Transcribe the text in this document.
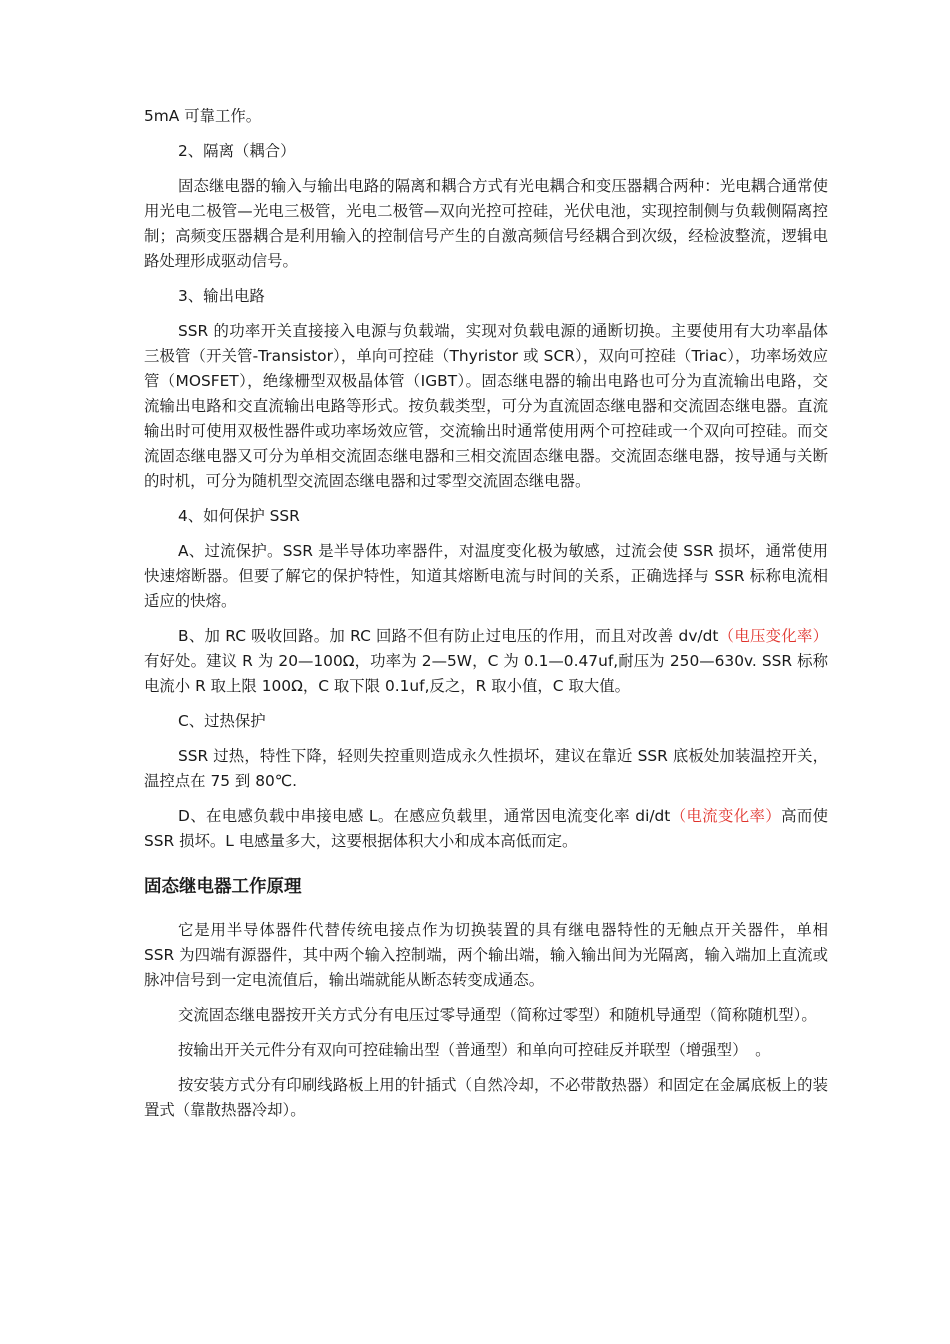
5mA 可靠工作。

2、隔离（耦合）

固态继电器的输入与输出电路的隔离和耦合方式有光电耦合和变压器耦合两种：光电耦合通常使用光电二极管—光电三极管，光电二极管—双向光控可控硅，光伏电池，实现控制侧与负载侧隔离控制；高频变压器耦合是利用输入的控制信号产生的自激高频信号经耦合到次级，经检波整流，逻辑电路处理形成驱动信号。

3、输出电路

SSR 的功率开关直接接入电源与负载端，实现对负载电源的通断切换。主要使用有大功率晶体三极管（开关管-Transistor），单向可控硅（Thyristor 或 SCR），双向可控硅（Triac），功率场效应管（MOSFET），绝缘栅型双极晶体管（IGBT）。固态继电器的输出电路也可分为直流输出电路，交流输出电路和交直流输出电路等形式。按负载类型，可分为直流固态继电器和交流固态继电器。直流输出时可使用双极性器件或功率场效应管，交流输出时通常使用两个可控硅或一个双向可控硅。而交流固态继电器又可分为单相交流固态继电器和三相交流固态继电器。交流固态继电器，按导通与关断的时机，可分为随机型交流固态继电器和过零型交流固态继电器。

4、如何保护 SSR

A、过流保护。SSR 是半导体功率器件，对温度变化极为敏感，过流会使 SSR 损坏，通常使用快速熔断器。但要了解它的保护特性，知道其熔断电流与时间的关系，正确选择与 SSR 标称电流相适应的快熔。

B、加 RC 吸收回路。加 RC 回路不但有防止过电压的作用，而且对改善 dv/dt（电压变化率）有好处。建议 R 为 20—100Ω，功率为 2—5W，C 为 0.1—0.47uf,耐压为 250—630v. SSR 标称电流小 R 取上限 100Ω，C 取下限 0.1uf,反之，R 取小值，C 取大值。

C、过热保护

SSR 过热，特性下降，轻则失控重则造成永久性损坏，建议在靠近 SSR 底板处加装温控开关，温控点在 75 到 80℃.

D、在电感负载中串接电感 L。在感应负载里，通常因电流变化率 di/dt（电流变化率）高而使 SSR 损坏。L 电感量多大，这要根据体积大小和成本高低而定。

固态继电器工作原理

它是用半导体器件代替传统电接点作为切换装置的具有继电器特性的无触点开关器件，单相 SSR 为四端有源器件，其中两个输入控制端，两个输出端，输入输出间为光隔离，输入端加上直流或脉冲信号到一定电流值后，输出端就能从断态转变成通态。

交流固态继电器按开关方式分有电压过零导通型（简称过零型）和随机导通型（简称随机型）。

按输出开关元件分有双向可控硅输出型（普通型）和单向可控硅反并联型（增强型）　。

按安装方式分有印刷线路板上用的针插式（自然冷却，不必带散热器）和固定在金属底板上的装置式（靠散热器冷却）。
